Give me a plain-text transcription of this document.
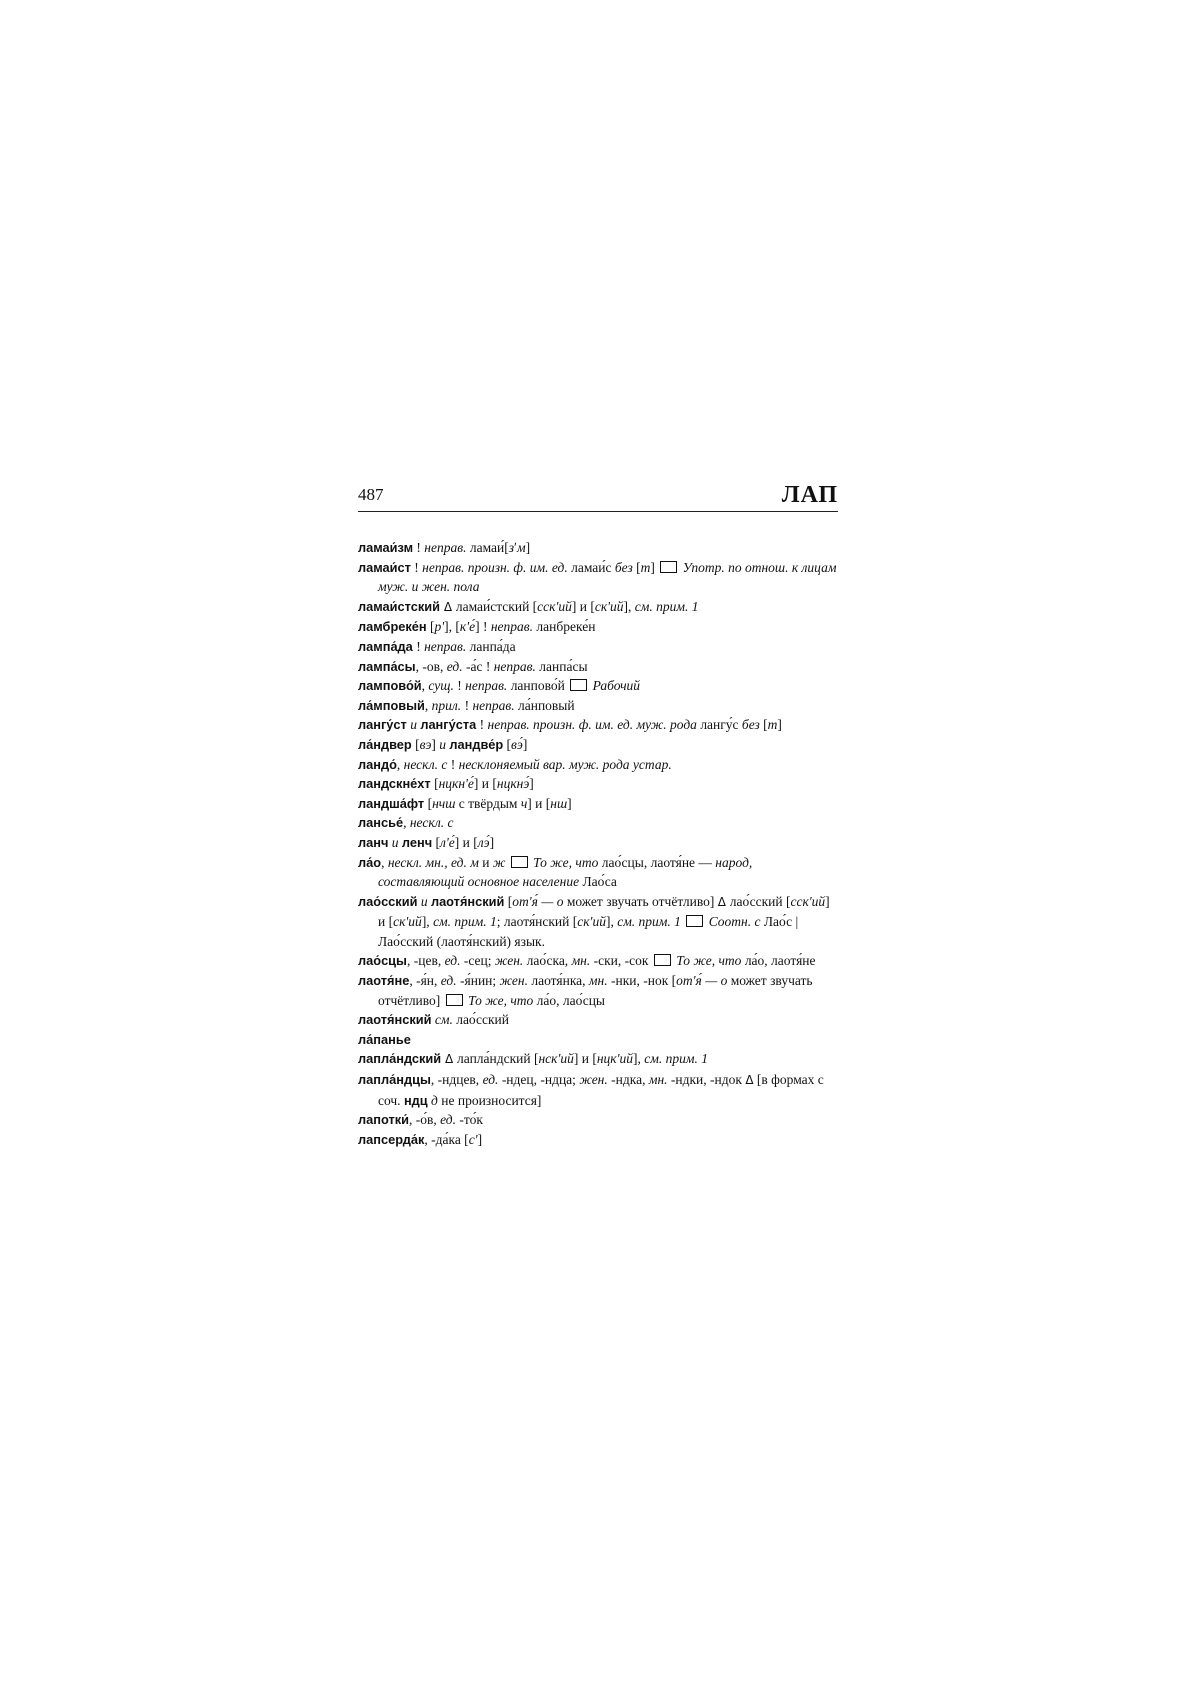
487	ЛАП
ламаи́зм ! неправ. ламаи́[зʹм]
ламаи́ст ! неправ. произн. ф. им. ед. ламаи́с без [т]  Употр. по отнош. к лицам муж. и жен. пола
ламаи́стский Δ ламаи́стский [сск'ий] и [ск'ий], см. прим. 1
ламбреке́н [р'], [к'е́] ! неправ. ланбреке́н
лампа́да ! неправ. ланпа́да
лампа́сы, -ов, ед. -а́с ! неправ. ланпа́сы
лампово́й, сущ. ! неправ. ланпово́й  Рабочий
ла́мповый, прил. ! неправ. ла́нповый
лангу́ст и лангу́ста ! неправ. произн. ф. им. ед. муж. рода лангу́с без [т]
ла́ндвер [вэ] и ландве́р [вэ́]
ландо́, нескл. с ! несклоняемый вар. муж. рода устар.
ландскне́хт [нцкн'е́] и [нцкнэ́]
ландша́фт [нчш с твёрдым ч] и [нш]
ланcье́, нескл. с
ланч и ленч [л'е́] и [лэ́]
ла́о, нескл. мн., ед. м и ж  То же, что лао́сцы, лаотя́не — народ, составляющий основное население Лао́са
лао́сский и лаотя́нский [от'я́ — о может звучать отчётливо] Δ лао́сский [сск'ий] и [ск'ий], см. прим. 1; лаотя́нский [ск'ий], см. прим. 1  Соотн. с Лао́с | Лао́сский (лаотя́нский) язык.
лао́сцы, -цев, ед. -сец; жен. лао́ска, мн. -ски, -сок  То же, что ла́о, лаотя́не
лаотя́не, -я́н, ед. -я́нин; жен. лаотя́нка, мн. -нки, -нок [от'я́ — о может звучать отчётливо]  То же, что ла́о, лао́сцы
лаотя́нский см. лао́сский
ла́панье
лапла́ндский Δ лапла́ндский [нск'ий] и [нцк'ий], см. прим. 1
лапла́ндцы, -ндцев, ед. -ндец, -ндца; жен. -ндка, мн. -ндки, -ндок Δ [в формах с соч. ндц д не произносится]
лапотки́, -о́в, ед. -то́к
лапсерда́к, -да́ка [с']
